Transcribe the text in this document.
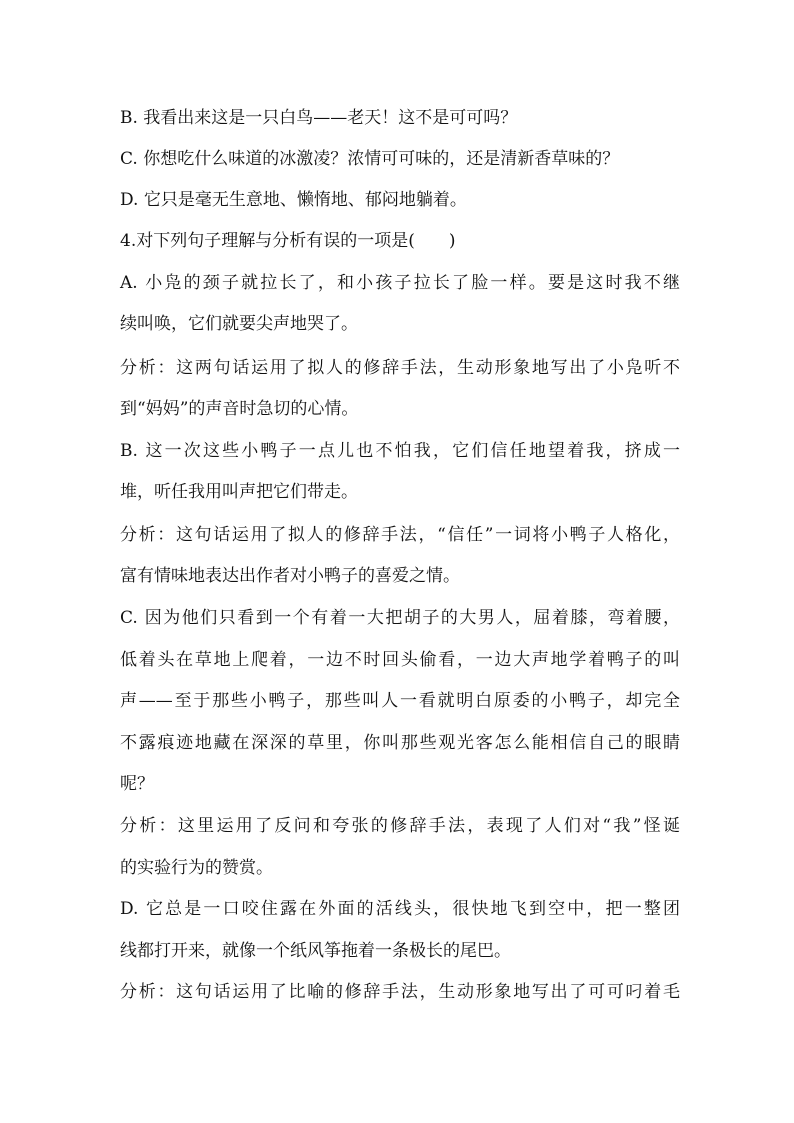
B. 我看出来这是一只白鸟——老天！这不是可可吗？
C. 你想吃什么味道的冰激凌？浓情可可味的，还是清新香草味的？
D. 它只是毫无生意地、懒惰地、郁闷地躺着。
4.对下列句子理解与分析有误的一项是(　　)
A. 小凫的颈子就拉长了，和小孩子拉长了脸一样。要是这时我不继
续叫唤，它们就要尖声地哭了。
分析：这两句话运用了拟人的修辞手法，生动形象地写出了小凫听不
到“妈妈”的声音时急切的心情。
B. 这一次这些小鸭子一点儿也不怕我，它们信任地望着我，挤成一
堆，听任我用叫声把它们带走。
分析：这句话运用了拟人的修辞手法，“信任”一词将小鸭子人格化，
富有情味地表达出作者对小鸭子的喜爱之情。
C. 因为他们只看到一个有着一大把胡子的大男人，屈着膝，弯着腰，
低着头在草地上爬着，一边不时回头偷看，一边大声地学着鸭子的叫
声——至于那些小鸭子，那些叫人一看就明白原委的小鸭子，却完全
不露痕迹地藏在深深的草里，你叫那些观光客怎么能相信自己的眼睛
呢？
分析：这里运用了反问和夸张的修辞手法，表现了人们对“我”怪诞
的实验行为的赞赏。
D. 它总是一口咬住露在外面的活线头，很快地飞到空中，把一整团
线都打开来，就像一个纸风筝拖着一条极长的尾巴。
分析：这句话运用了比喻的修辞手法，生动形象地写出了可可叼着毛
